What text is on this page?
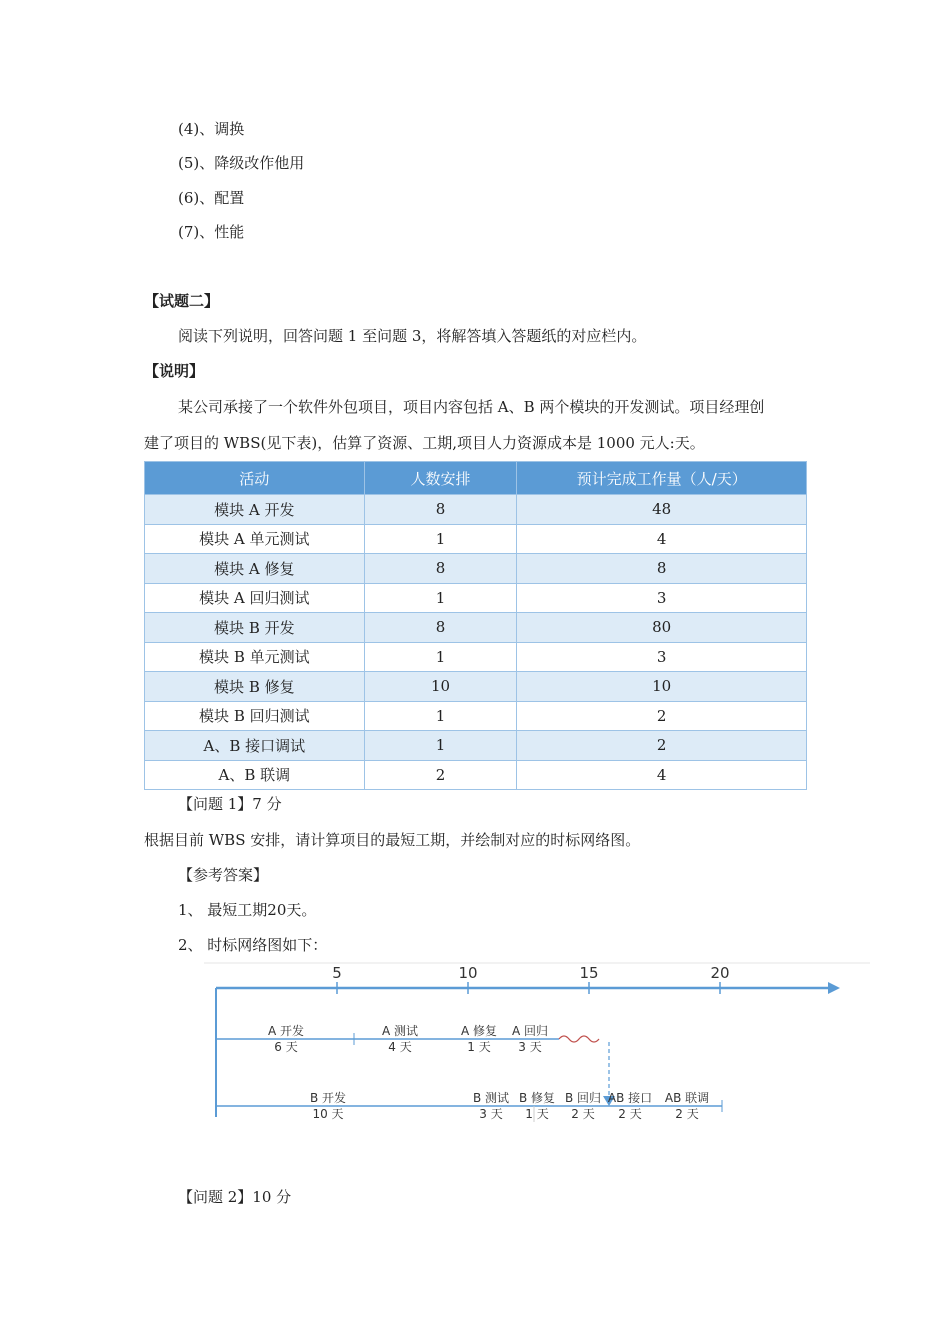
(4)、调换
(5)、降级改作他用
(6)、配置
(7)、性能
【试题二】
阅读下列说明，回答问题 1 至问题 3，将解答填入答题纸的对应栏内。
【说明】
某公司承接了一个软件外包项目，项目内容包括 A、B 两个模块的开发测试。项目经理创
建了项目的 WBS(见下表)，估算了资源、工期,项目人力资源成本是 1000 元人:天。
活动	人数安排	预计完成工作量（人/天）
模块 A 开发	8	48
模块 A 单元测试	1	4
模块 A 修复	8	8
模块 A 回归测试	1	3
模块 B 开发	8	80
模块 B 单元测试	1	3
模块 B 修复	10	10
模块 B 回归测试	1	2
A、B 接口调试	1	2
A、B 联调	2	4
【问题 1】7 分
根据目前 WBS 安排，请计算项目的最短工期，并绘制对应的时标网络图。
【参考答案】
1、 最短工期20天。
2、 时标网络图如下：
5	10	15	20
A 开发
6 天
A 测试
4 天
A 修复
1 天
A 回归
3 天
B 开发
10 天
B 测试
3 天
B 修复
1 天
B 回归
2 天
AB 接口
2 天
AB 联调
2 天
【问题 2】10 分
